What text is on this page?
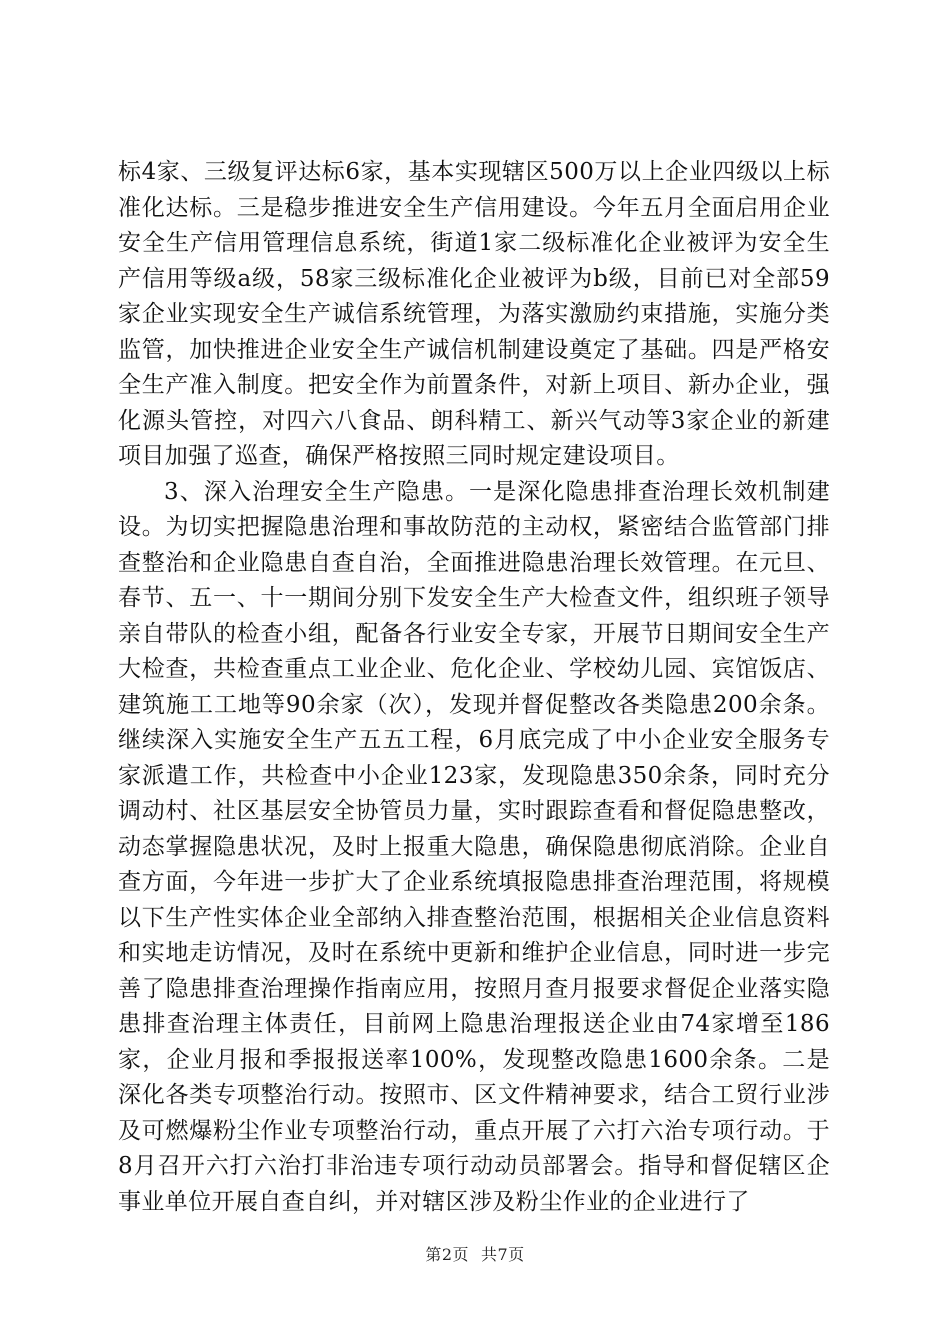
标4家、三级复评达标6家，基本实现辖区500万以上企业四级以上标准化达标。三是稳步推进安全生产信用建设。今年五月全面启用企业安全生产信用管理信息系统，街道1家二级标准化企业被评为安全生产信用等级a级，58家三级标准化企业被评为b级，目前已对全部59家企业实现安全生产诚信系统管理，为落实激励约束措施，实施分类监管，加快推进企业安全生产诚信机制建设奠定了基础。四是严格安全生产准入制度。把安全作为前置条件，对新上项目、新办企业，强化源头管控，对四六八食品、朗科精工、新兴气动等3家企业的新建项目加强了巡查，确保严格按照三同时规定建设项目。

3、深入治理安全生产隐患。一是深化隐患排查治理长效机制建设。为切实把握隐患治理和事故防范的主动权，紧密结合监管部门排查整治和企业隐患自查自治，全面推进隐患治理长效管理。在元旦、春节、五一、十一期间分别下发安全生产大检查文件，组织班子领导亲自带队的检查小组，配备各行业安全专家，开展节日期间安全生产大检查，共检查重点工业企业、危化企业、学校幼儿园、宾馆饭店、建筑施工工地等90余家（次），发现并督促整改各类隐患200余条。继续深入实施安全生产五五工程，6月底完成了中小企业安全服务专家派遣工作，共检查中小企业123家，发现隐患350余条，同时充分调动村、社区基层安全协管员力量，实时跟踪查看和督促隐患整改，动态掌握隐患状况，及时上报重大隐患，确保隐患彻底消除。企业自查方面，今年进一步扩大了企业系统填报隐患排查治理范围，将规模以下生产性实体企业全部纳入排查整治范围，根据相关企业信息资料和实地走访情况，及时在系统中更新和维护企业信息，同时进一步完善了隐患排查治理操作指南应用，按照月查月报要求督促企业落实隐患排查治理主体责任，目前网上隐患治理报送企业由74家增至186家，企业月报和季报报送率100%，发现整改隐患1600余条。二是深化各类专项整治行动。按照市、区文件精神要求，结合工贸行业涉及可燃爆粉尘作业专项整治行动，重点开展了六打六治专项行动。于8月召开六打六治打非治违专项行动动员部署会。指导和督促辖区企事业单位开展自查自纠，并对辖区涉及粉尘作业的企业进行了

第2页 共7页
